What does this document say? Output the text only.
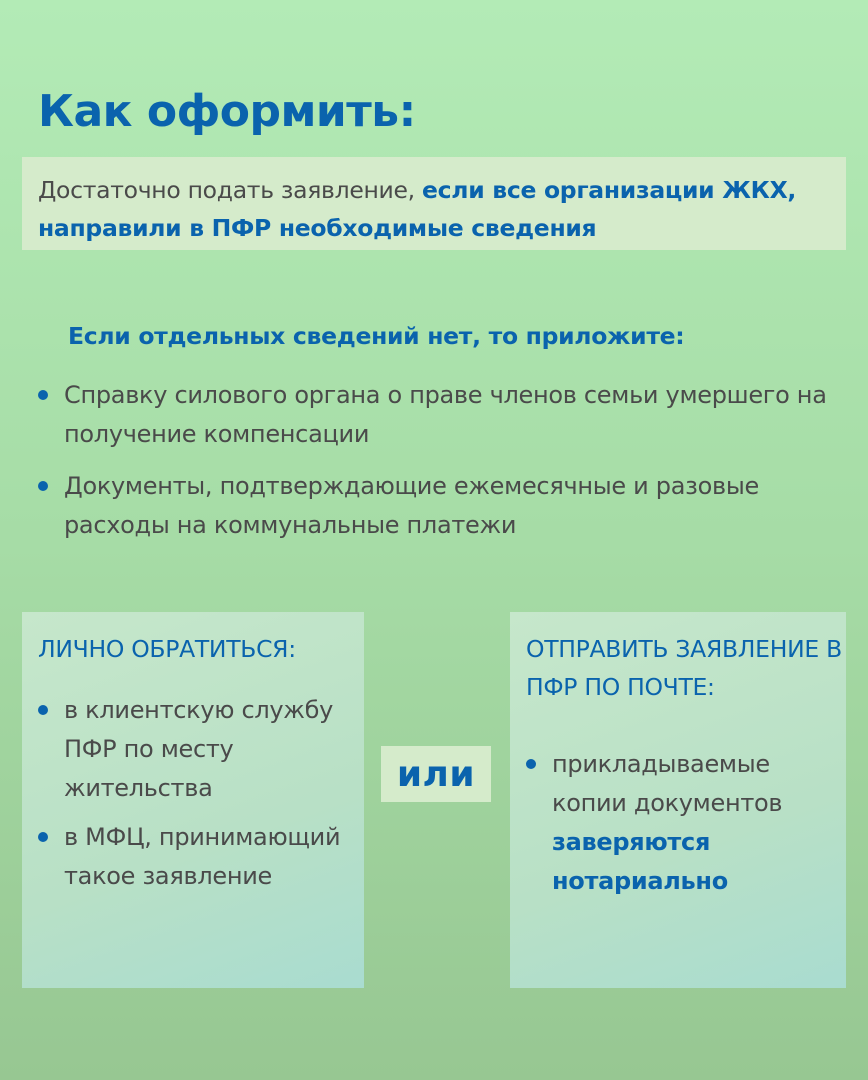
Как оформить:
Достаточно подать заявление, если все организации ЖКХ, направили в ПФР необходимые сведения
Если отдельных сведений нет, то приложите:
Справку силового органа о праве членов семьи умершего на получение компенсации
Документы, подтверждающие ежемесячные и разовые расходы на коммунальные платежи
ЛИЧНО ОБРАТИТЬСЯ:
в клиентскую службу ПФР по месту жительства
в МФЦ, принимающий такое заявление
или
ОТПРАВИТЬ ЗАЯВЛЕНИЕ В ПФР ПО ПОЧТЕ:
прикладываемые копии документов заверяются нотариально
